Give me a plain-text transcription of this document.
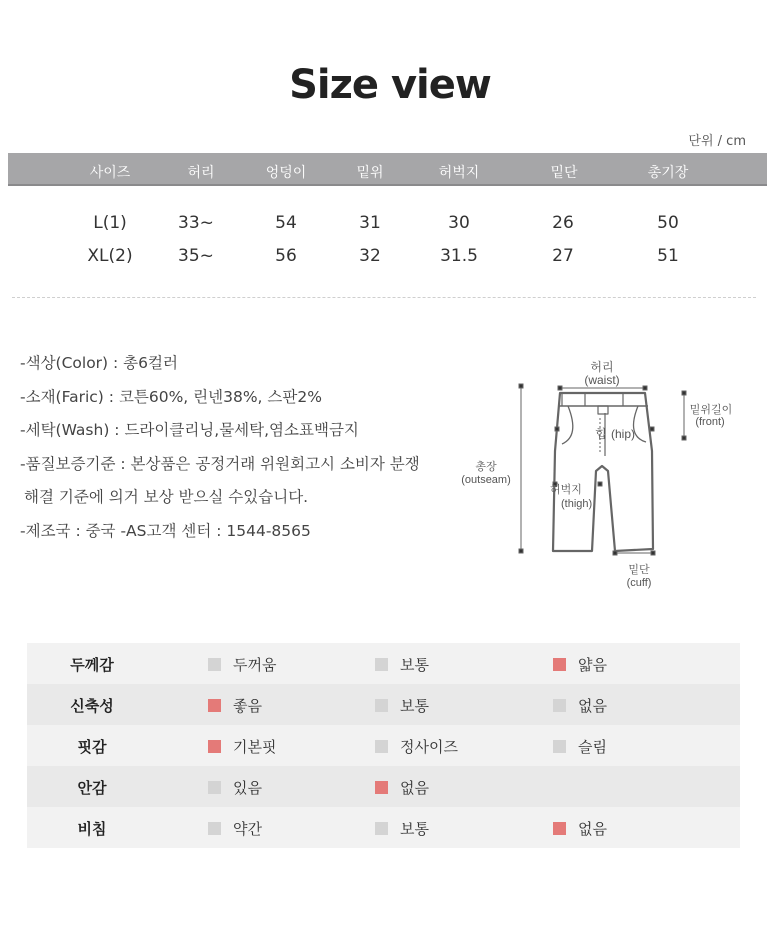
Size view
단위 / cm
사이즈	허리	엉덩이	밑위	허벅지	밑단	총기장
L(1)	33~	54	31	30	26	50
XL(2)	35~	56	32	31.5	27	51

-색상(Color) : 총6컬러

-소재(Faric) : 코튼60%, 린넨38%, 스판2%

-세탁(Wash) : 드라이클리닝,물세탁,염소표백금지

-품질보증기준 : 본상품은 공정거래 위원회고시 소비자 분쟁

해결 기준에 의거 보상 받으실 수있습니다.

-제조국 : 중국 -AS고객 센터 : 1544-8565

허리
(waist)
밑위길이
(front)
총장
(outseam)
힙 (hip)
허벅지
(thigh)
밑단
(cuff)
두께감	두꺼움	보통	얇음
신축성	좋음	보통	없음
핏감	기본핏	정사이즈	슬림
안감	있음	없음
비침	약간	보통	없음
